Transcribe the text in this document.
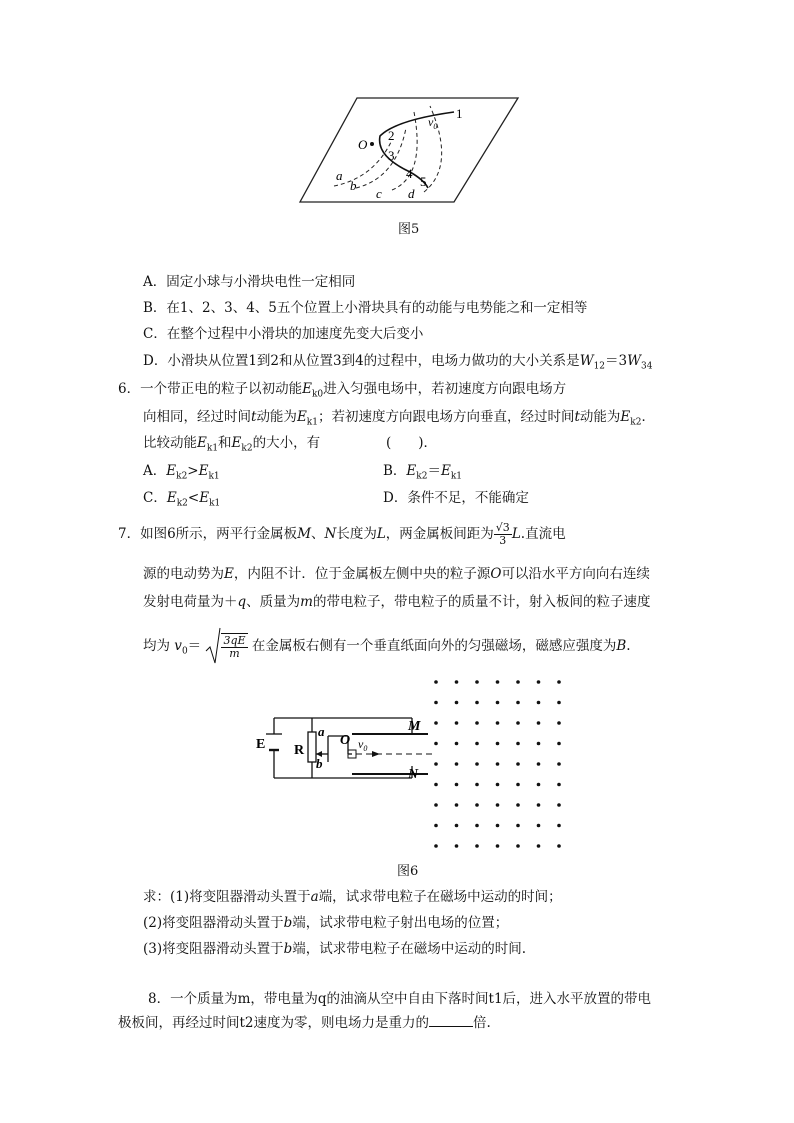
O
1
2
3
4
5
a
b
c d
$v_0$
图5
A．固定小球与小滑块电性一定相同
B．在1、2、3、4、5五个位置上小滑块具有的动能与电势能之和一定相等
C．在整个过程中小滑块的加速度先变大后变小
D．小滑块从位置1到2和从位置3到4的过程中，电场力做功的大小关系是$W_{12}=3W_{34}$
6．一个带正电的粒子以初动能$E_{k0}$进入匀强电场中，若初速度方向跟电场方
向相同，经过时间t动能为$E_{k1}$；若初速度方向跟电场方向垂直，经过时间t动能为$E_{k2}$．
比较动能$E_{k1}$和$E_{k2}$的大小，有	(　　)．
A．$E_{k2}>E_{k1}$	B．$E_{k2}=E_{k1}$
C．$E_{k2}<E_{k1}$	D．条件不足，不能确定
7．如图6所示，两平行金属板M、N长度为L，两金属板间距为 $\frac{√3}{3} L$.直流电
源的电动势为E，内阻不计．位于金属板左侧中央的粒子源O可以沿水平方向向右连续
发射电荷量为＋q、质量为m的带电粒子，带电粒子的质量不计，射入板间的粒子速度
均为 $v_0= \frac{3qE}{m}$ 在金属板右侧有一个垂直纸面向外的匀强磁场，磁感应强度为B.
E R
a
b
O $v_0$
M
N
图6
求：(1)将变阻器滑动头置于a端，试求带电粒子在磁场中运动的时间；
(2)将变阻器滑动头置于b端，试求带电粒子射出电场的位置；
(3)将变阻器滑动头置于b端，试求带电粒子在磁场中运动的时间.
8．一个质量为m，带电量为q的油滴从空中自由下落时间t1后，进入水平放置的带电
极板间，再经过时间t2速度为零，则电场力是重力的	倍.
